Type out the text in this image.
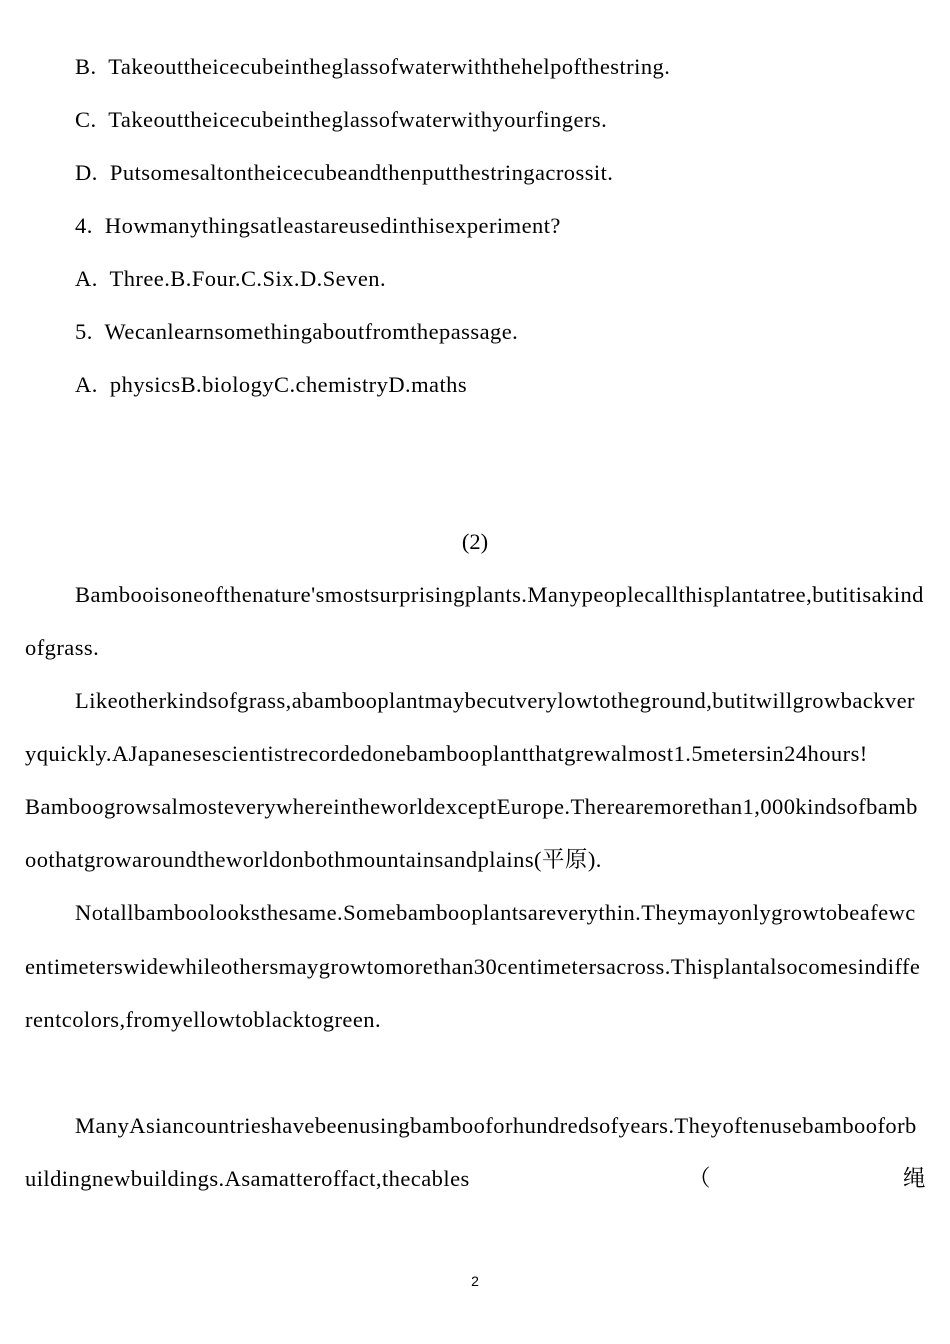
B.  Takeouttheicecubeintheglassofwaterwiththehelpofthestring.
C.  Takeouttheicecubeintheglassofwaterwithyourfingers.
D.  Putsomesaltontheicecubeandthenputthestringacrossit.
4.  Howmanythingsatleastareusedinthisexperiment?
A.  Three.B.Four.C.Six.D.Seven.
5.  Wecanlearnsomethingaboutfromthepassage.
A.  physicsB.biologyC.chemistryD.maths
(2)
Bambooisoneofthenature'smostsurprisingplants.Manypeoplecallthisplantatree,butitisakind
ofgrass.
Likeotherkindsofgrass,abambooplantmaybecutverylowtotheground,butitwillgrowbackver
yquickly.AJapanesescientistrecordedonebambooplantthatgrewalmost1.5metersin24hours!
BamboogrowsalmosteverywhereintheworldexceptEurope.Therearemorethan1,000kindsofbamb
oothatgrowaroundtheworldonbothmountainsandplains(平原).
Notallbamboolooksthesame.Somebambooplantsareverythin.Theymayonlygrowtobeafewc
entimeterswidewhileothersmaygrowtomorethan30centimetersacross.Thisplantalsocomesindiffe
rentcolors,fromyellowtoblacktogreen.
ManyAsiancountrieshavebeenusingbambooforhundredsofyears.Theyoftenusebambooforb
uildingnewbuildings.Asamatteroffact,thecables	（	绳
2
